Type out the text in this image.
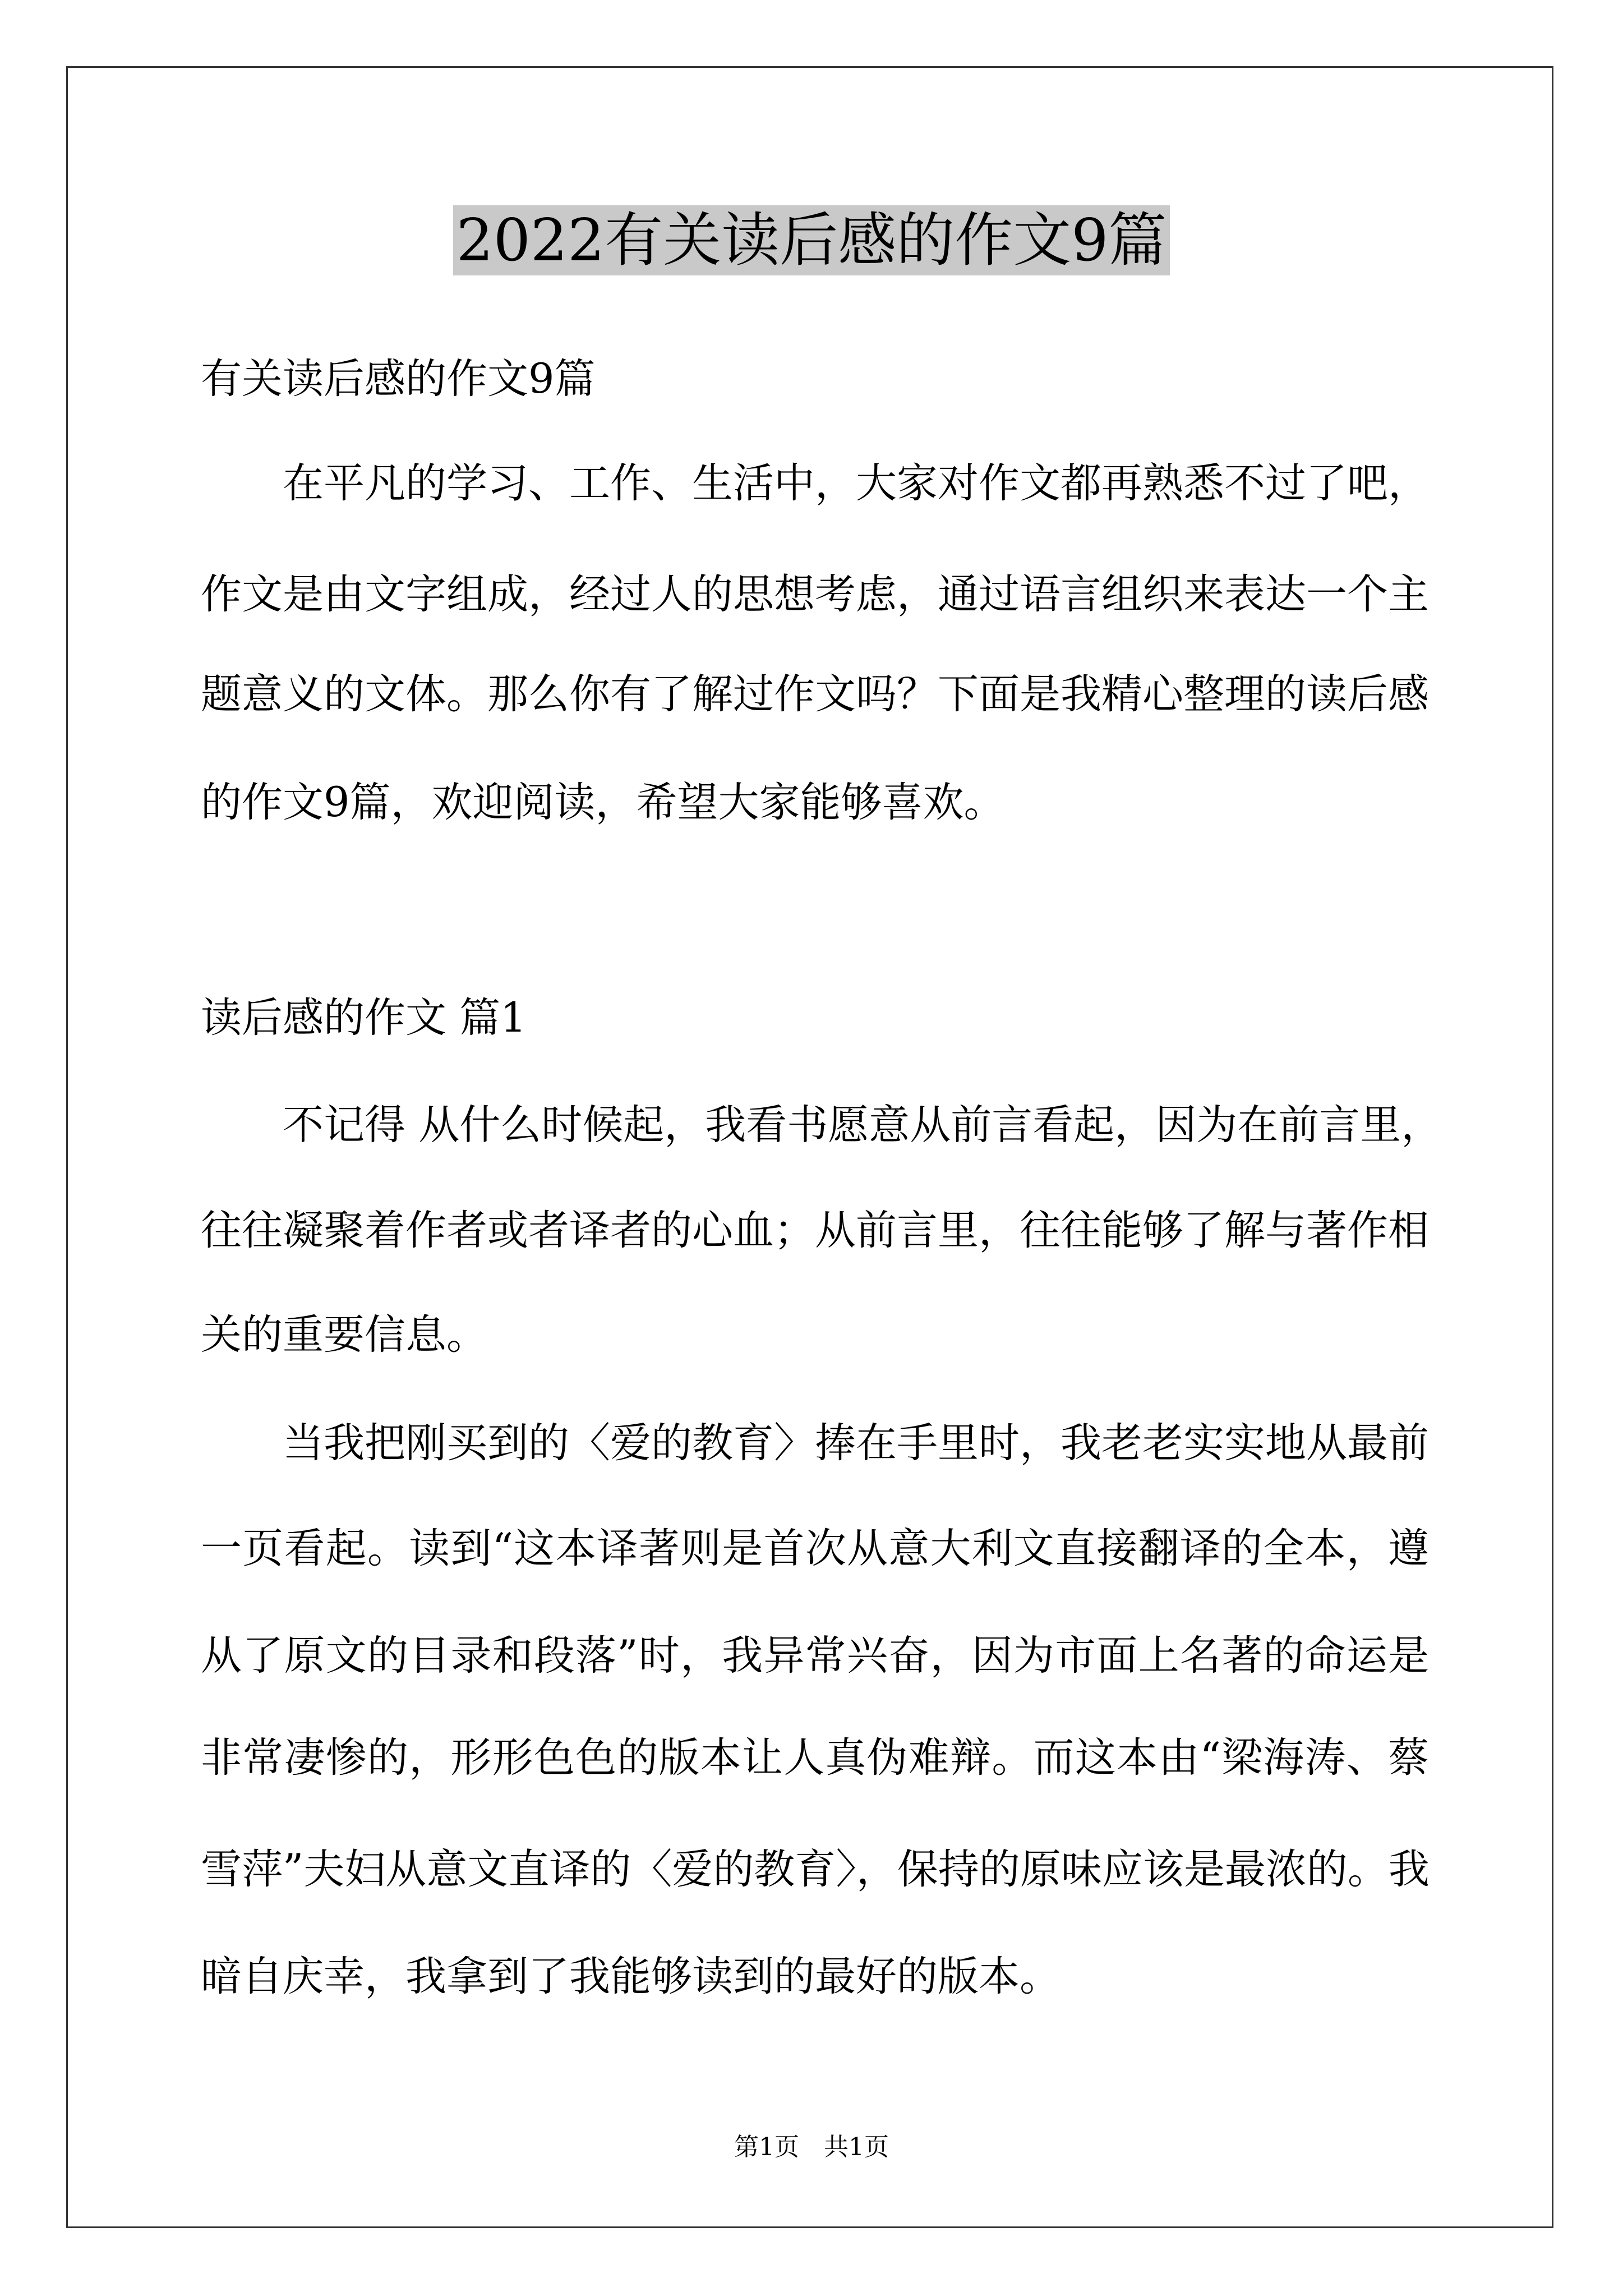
2022有关读后感的作文9篇
有关读后感的作文9篇
在平凡的学习、工作、生活中，大家对作文都再熟悉不过了吧，
作文是由文字组成，经过人的思想考虑，通过语言组织来表达一个主
题意义的文体。那么你有了解过作文吗？下面是我精心整理的读后感
的作文9篇，欢迎阅读，希望大家能够喜欢。
读后感的作文 篇1
不记得 从什么时候起，我看书愿意从前言看起，因为在前言里，
往往凝聚着作者或者译者的心血；从前言里，往往能够了解与著作相
关的重要信息。
当我把刚买到的〈爱的教育〉捧在手里时，我老老实实地从最前
一页看起。读到“这本译著则是首次从意大利文直接翻译的全本，遵
从了原文的目录和段落”时，我异常兴奋，因为市面上名著的命运是
非常凄惨的，形形色色的版本让人真伪难辩。而这本由“梁海涛、蔡
雪萍”夫妇从意文直译的〈爱的教育〉，保持的原味应该是最浓的。我
暗自庆幸，我拿到了我能够读到的最好的版本。
第1页　共1页
